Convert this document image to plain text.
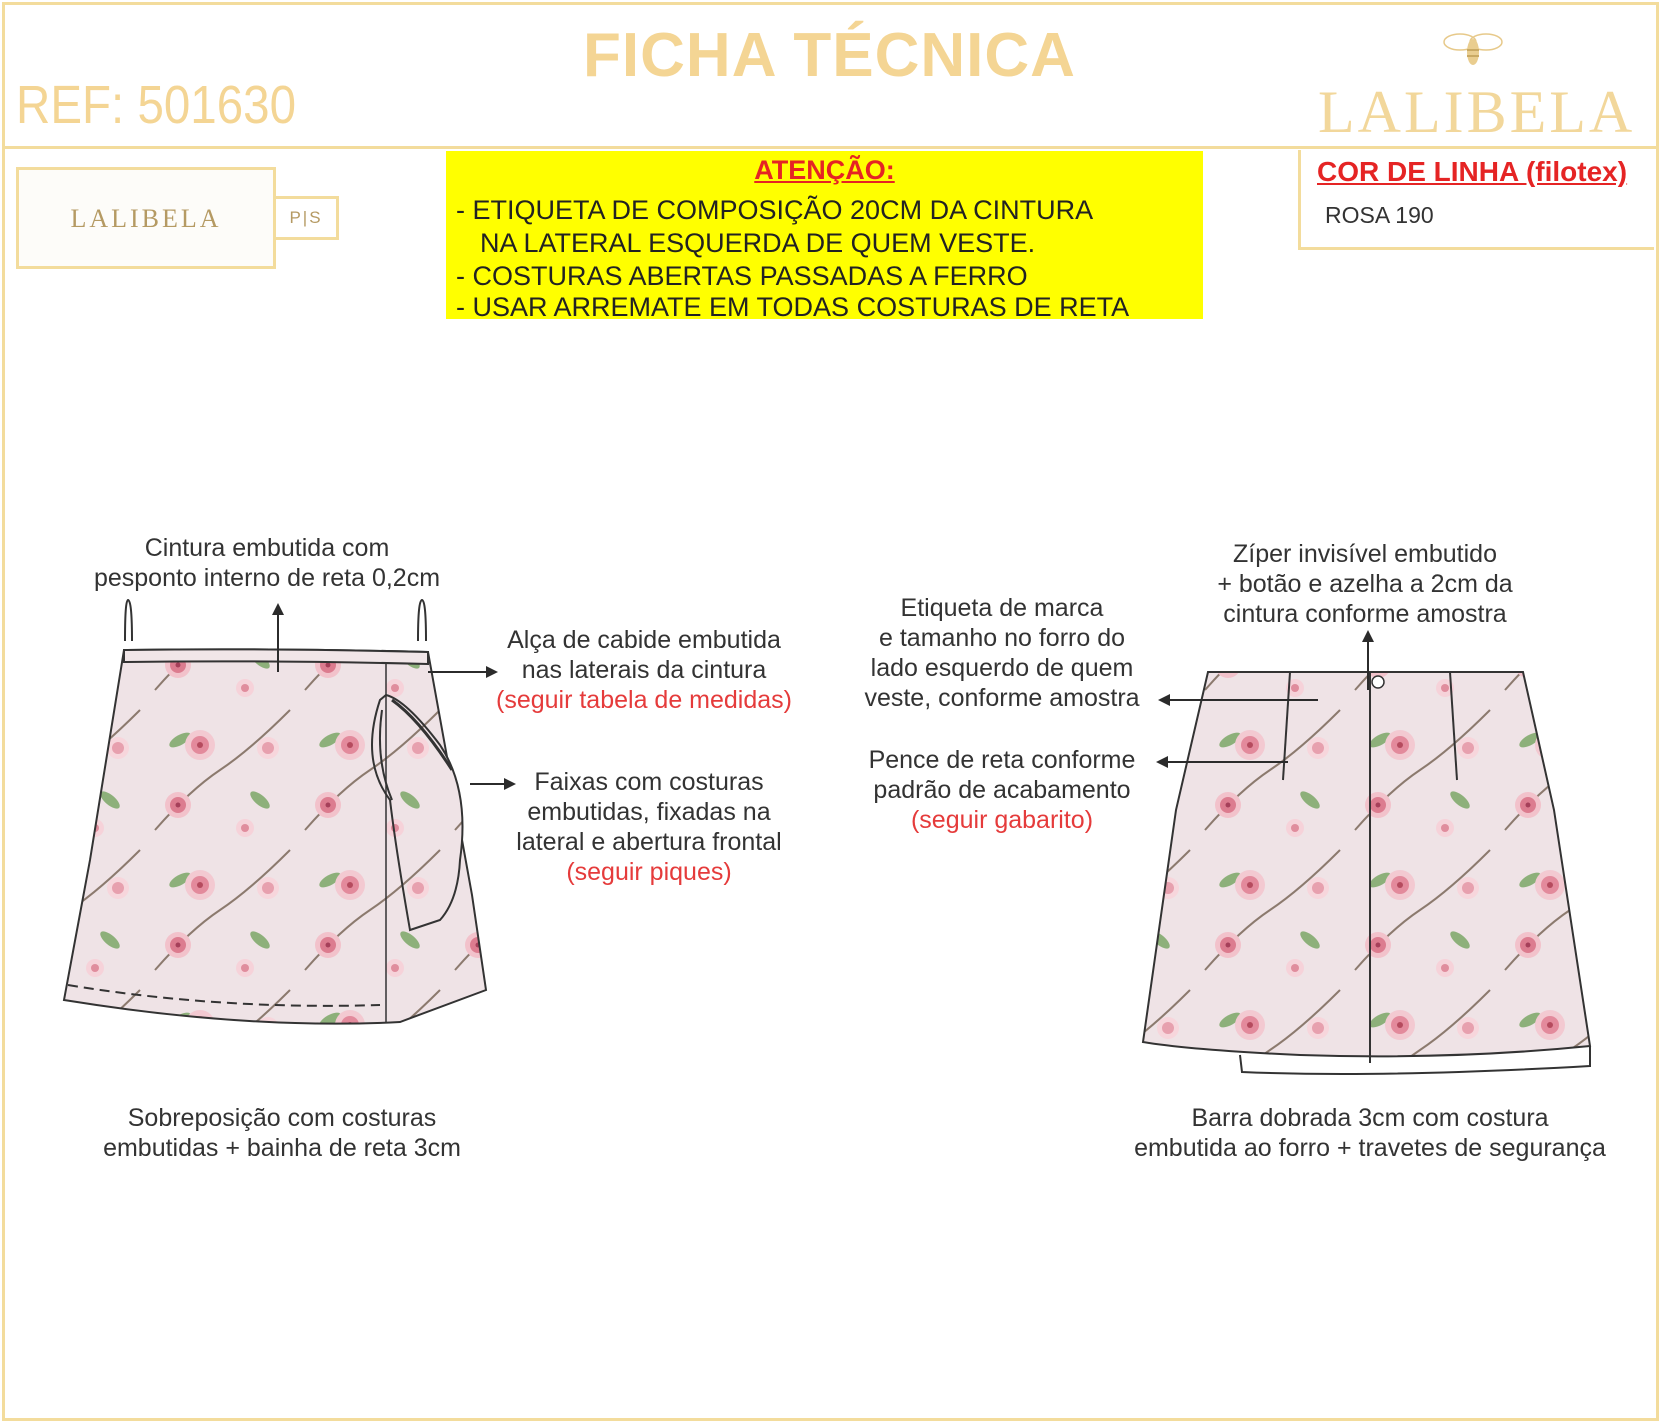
FICHA TÉCNICA
REF: 501630	LALIBELA
LALIBELA	P|S
ATENÇÃO:
- ETIQUETA DE COMPOSIÇÃO 20CM DA CINTURA
NA LATERAL ESQUERDA DE QUEM VESTE.
- COSTURAS ABERTAS PASSADAS A FERRO
- USAR ARREMATE EM TODAS COSTURAS DE RETA
COR DE LINHA (filotex)
ROSA 190
Cintura embutida com
pesponto interno de reta 0,2cm
Alça de cabide embutida
nas laterais da cintura
(seguir tabela de medidas)
Faixas com costuras
embutidas, fixadas na
lateral e abertura frontal
(seguir piques)
Sobreposição com costuras
embutidas + bainha de reta 3cm
Zíper invisível embutido
+ botão e azelha a 2cm da
cintura conforme amostra
Etiqueta de marca
e tamanho no forro do
lado esquerdo de quem
veste, conforme amostra
Pence de reta conforme
padrão de acabamento
(seguir gabarito)
Barra dobrada 3cm com costura
embutida ao forro + travetes de segurança
